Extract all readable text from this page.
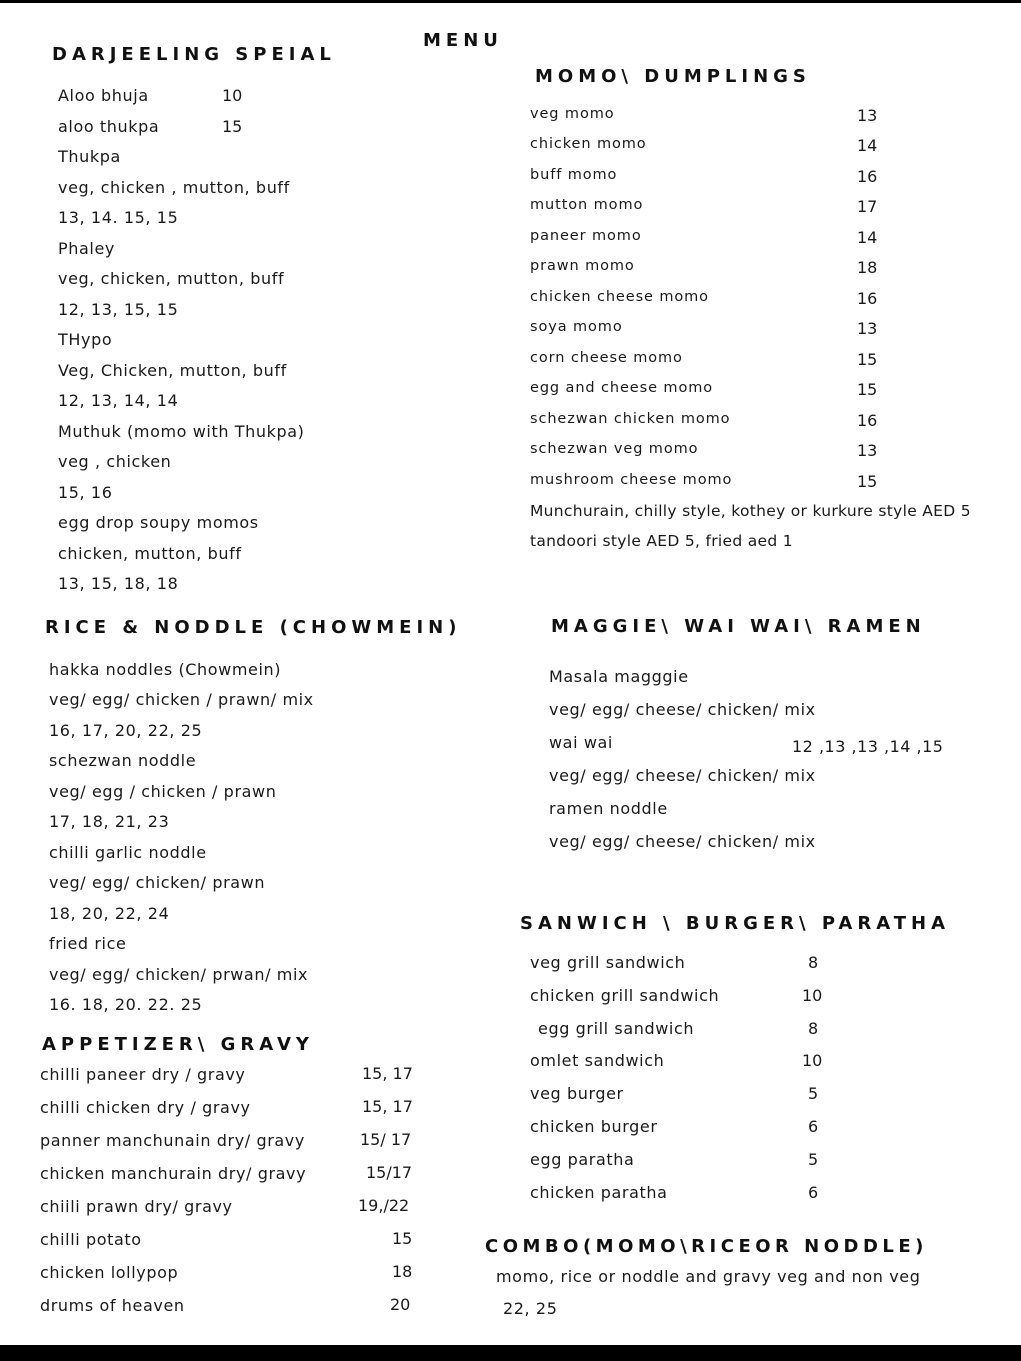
MENU
DARJEELING SPEIAL
Aloo bhuja	10
aloo thukpa	15
Thukpa
veg, chicken , mutton, buff
13, 14. 15, 15
Phaley
veg, chicken, mutton, buff
12, 13, 15, 15
THypo
Veg, Chicken, mutton, buff
12, 13, 14, 14
Muthuk (momo with Thukpa)
veg , chicken
15, 16
egg drop soupy momos
chicken, mutton, buff
13, 15, 18, 18
MOMO\ DUMPLINGS
veg momo	13
chicken momo	14
buff momo	16
mutton momo	17
paneer momo	14
prawn momo	18
chicken cheese momo	16
soya momo	13
corn cheese momo	15
egg and cheese momo	15
schezwan chicken momo	16
schezwan veg momo	13
mushroom cheese momo	15
Munchurain, chilly style, kothey or kurkure style AED 5
tandoori style AED 5, fried aed 1
RICE & NODDLE (CHOWMEIN)
hakka noddles (Chowmein)
veg/ egg/ chicken / prawn/ mix
16, 17, 20, 22, 25
schezwan noddle
veg/ egg / chicken / prawn
17, 18, 21, 23
chilli garlic noddle
veg/ egg/ chicken/ prawn
18, 20, 22, 24
fried rice
veg/ egg/ chicken/ prwan/ mix
16. 18, 20. 22. 25
MAGGIE\ WAI WAI\ RAMEN
Masala magggie
veg/ egg/ cheese/ chicken/ mix
wai wai	12 ,13 ,13 ,14 ,15
veg/ egg/ cheese/ chicken/ mix
ramen noddle
veg/ egg/ cheese/ chicken/ mix
SANWICH \ BURGER\ PARATHA
veg grill sandwich	8
chicken grill sandwich	10
egg grill sandwich	8
omlet sandwich	10
veg burger	5
chicken burger	6
egg paratha	5
chicken paratha	6
APPETIZER\ GRAVY
chilli paneer dry / gravy	15, 17
chilli chicken dry / gravy	15, 17
panner manchunain dry/ gravy	15/ 17
chicken manchurain dry/ gravy	15/17
chiili prawn dry/ gravy	19,/22
chilli potato	15
chicken lollypop	18
drums of heaven	20
COMBO(MOMO\RICEOR NODDLE)
momo, rice or noddle and gravy veg and non veg
22, 25
